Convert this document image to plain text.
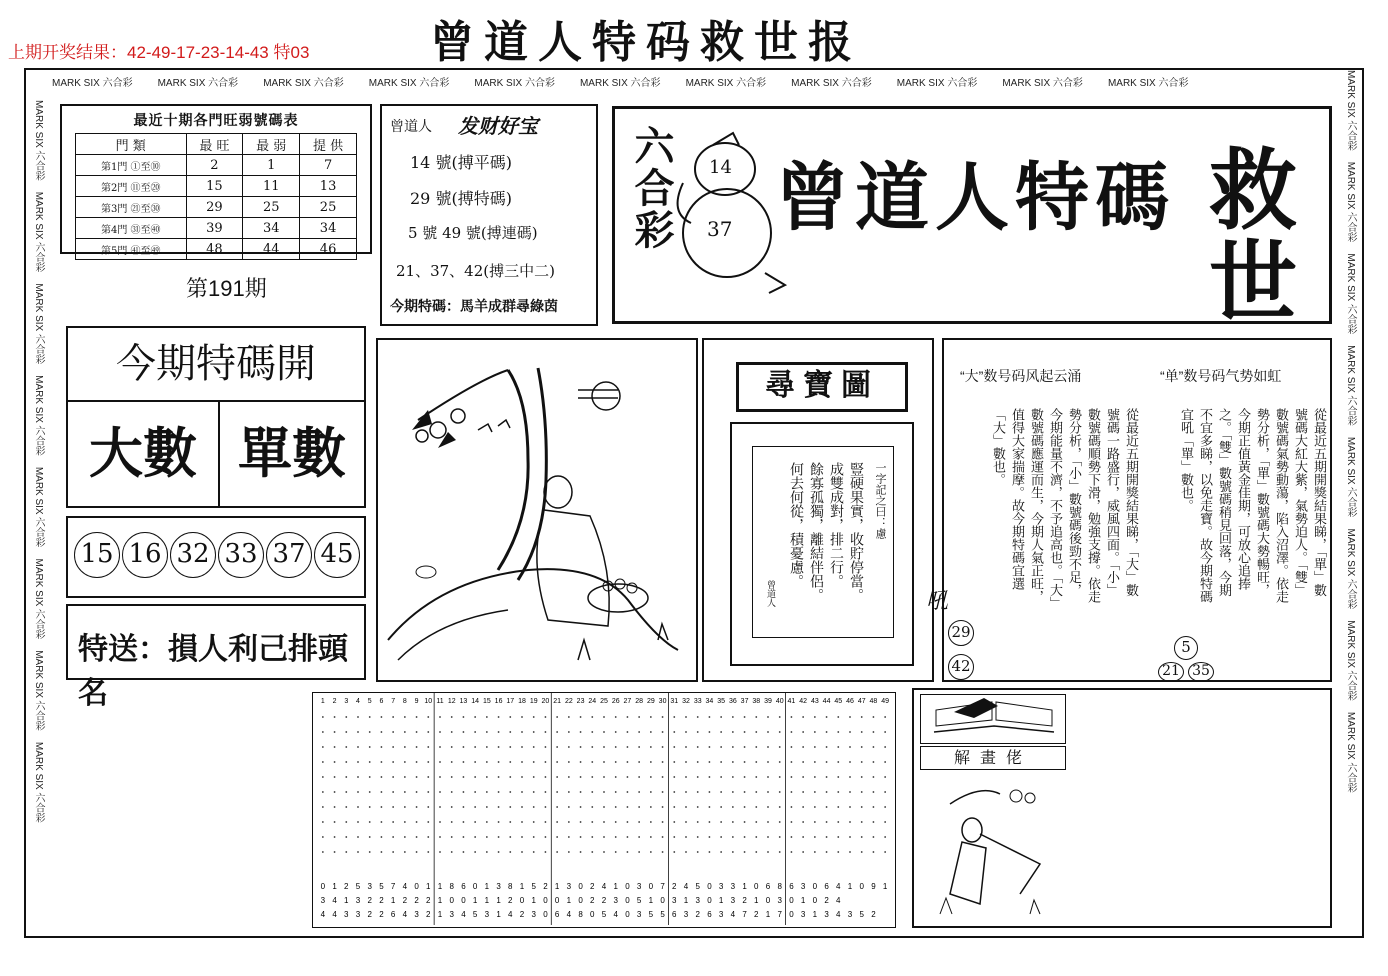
上期开奖结果：42-49-17-23-14-43 特03	曾道人特码救世报
MARK SIX 六合彩	MARK SIX 六合彩	MARK SIX 六合彩	MARK SIX 六合彩	MARK SIX 六合彩	MARK SIX 六合彩	MARK SIX 六合彩	MARK SIX 六合彩	MARK SIX 六合彩	MARK SIX 六合彩	MARK SIX 六合彩
MARK SIX 六合彩    MARK SIX 六合彩    MARK SIX 六合彩    MARK SIX 六合彩    MARK SIX 六合彩    MARK SIX 六合彩    MARK SIX 六合彩    MARK SIX 六合彩
MARK SIX 六合彩    MARK SIX 六合彩    MARK SIX 六合彩    MARK SIX 六合彩    MARK SIX 六合彩    MARK SIX 六合彩    MARK SIX 六合彩    MARK SIX 六合彩
最近十期各門旺弱號碼表
門 類	最 旺	最 弱	提 供
第1門 ①至⑩	2	1	7
第2門 ⑪至⑳	15	11	13
第3門 ㉑至㉚	29	25	25
第4門 ㉛至㊵	39	34	34
第5門 ㊶至㊾	48	44	46
第191期
曾道人 发财好宝
14 號(搏平碼)
29 號(搏特碼)
5 號 49 號(搏連碼)
21、37、42(搏三中二)
今期特碼：馬羊成群尋綠茵
六合彩 14
37 曾道人特碼 救
世
今期特碼開
大數 單數
15 16 32 33 37 45
特送：損人利己排頭名
尋寶圖
一字記之曰：慮
豎硬果實，收貯停當。
成雙成對，排二行。
餘寡孤獨，離結伴侶。
何去何從，積憂慮。
曾道人
“大”数号码风起云涌	“单”数号码气势如虹
從最近五期開獎結果睇，「大」數號碼一路盛行，威風四面。「小」數號碼順勢下滑，勉強支撐。依走勢分析，「小」數號碼後勁不足，今期能量不濟，不予追高也。「大」數號碼應運而生，今期人氣正旺，值得大家揣摩。故今期特碼宜選「大」數也。	從最近五期開獎結果睇，「單」數號碼大紅大紫，氣勢迫人。「雙」數號碼氣勢動蕩，陷入沼澤。依走勢分析，「單」數號碼大勢暢旺，今期正值黃金佳期，可放心追捧之。「雙」數號碼稍見回落，今期不宜多睇，以免走寶。故今期特碼宜吼「單」數也。
吼
29
42
5
21 35
1 2 3 4 5 6 7 8 9 10 11 12 13 14 15 16 17 18 19 20 21 22 23 24 25 26 27 28 29 30 31 32 33 34 35 36 37 38 39 40 41 42 43 44 45 46 47 48 49
0 1 2 5 3 5 7 4 0 1 1 8 6 0 1 3 8 1 5 2 1 3 0 2 4 1 0 3 0 7 2 4 5 0 3 3 1 0 6 8 6 3 0 6 4 1 0 9 1
3 4 1 3 2 2 1 2 2 2 1 0 0 1 1 1 2 0 1 0 0 1 0 2 2 3 0 5 1 0 3 1 3 0 1 3 2 1 0 3 0 1 0 2 4
4 4 3 3 2 2 6 4 3 2 1 3 4 5 3 1 4 2 3 0 6 4 8 0 5 4 0 3 5 5 6 3 2 6 3 4 7 2 1 7 0 3 1 3 4 3 5 2
解畫佬
